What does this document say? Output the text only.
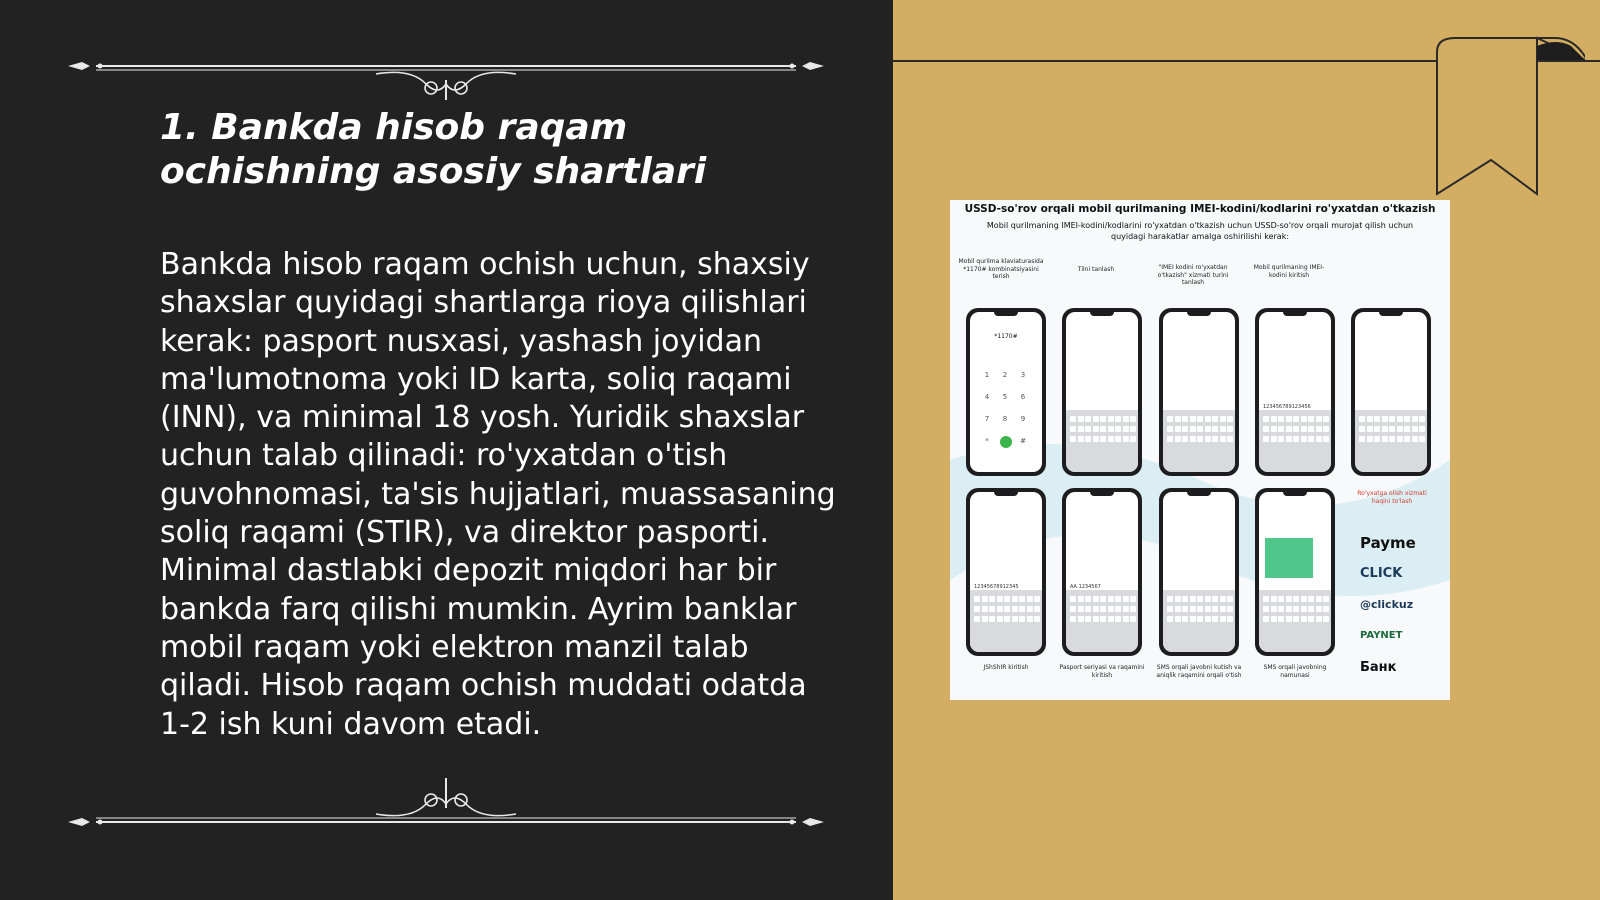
1. Bankda hisob raqam ochishning asosiy shartlari

Bankda hisob raqam ochish uchun, shaxsiy shaxslar quyidagi shartlarga rioya qilishlari kerak: pasport nusxasi, yashash joyidan ma'lumotnoma yoki ID karta, soliq raqami (INN), va minimal 18 yosh. Yuridik shaxslar uchun talab qilinadi: ro'yxatdan o'tish guvohnomasi, ta'sis hujjatlari, muassasaning soliq raqami (STIR), va direktor pasporti. Minimal dastlabki depozit miqdori har bir bankda farq qilishi mumkin. Ayrim banklar mobil raqam yoki elektron manzil talab qiladi. Hisob raqam ochish muddati odatda 1-2 ish kuni davom etadi.

USSD-so'rov orqali mobil qurilmaning IMEI-kodini/kodlarini ro'yxatdan o'tkazish
Mobil qurilmaning IMEI-kodini/kodlarini ro'yxatdan o'tkazish uchun USSD-so'rov orqali murojat qilish uchun quyidagi harakatlar amalga oshirilishi kerak:
Mobil qurilma klaviaturasida *1170# kombinatsiyasini terish
Tilni tanlash	"IMEI kodini ro'yxatdan o'tkazish" xizmati turini tanlash
Mobil qurilmaning IMEI-kodini kiritish
*1170#
1 2 34 5 67 8 9*	#
123456789123456
12345678912345	AA 1234567
Ro'yxatga olish xizmati haqini to'lash
Payme
CLICK
@clickuz
PAYNET
Банк
JShShIR kiritish	Pasport seriyasi va raqamini kiritish
SMS orqali javobni kutish va aniqlik raqamini orqali o'tish
SMS orqali javobning namunasi
